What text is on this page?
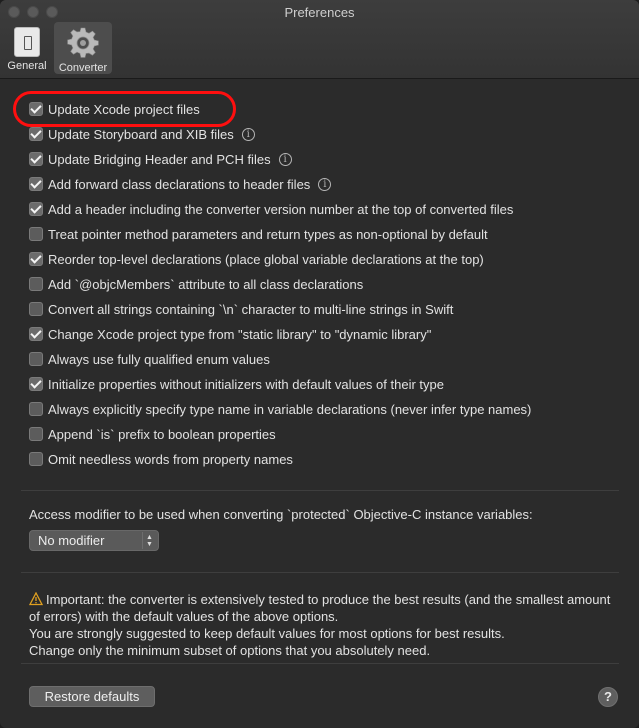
Preferences
General Converter
Update Xcode project files
Update Storyboard and XIB files	i
Update Bridging Header and PCH files	i
Add forward class declarations to header files	i
Add a header including the converter version number at the top of converted files
Treat pointer method parameters and return types as non-optional by default
Reorder top-level declarations (place global variable declarations at the top)
Add `@objcMembers` attribute to all class declarations
Convert all strings containing `\n` character to multi-line strings in Swift
Change Xcode project type from "static library" to "dynamic library"
Always use fully qualified enum values
Initialize properties without initializers with default values of their type
Always explicitly specify type name in variable declarations (never infer type names)
Append `is` prefix to boolean properties
Omit needless words from property names
Access modifier to be used when converting `protected` Objective-C instance variables:
No modifier	▲
▼
Important: the converter is extensively tested to produce the best results (and the smallest amount of errors) with the default values of the above options.
You are strongly suggested to keep default values for most options for best results.
Change only the minimum subset of options that you absolutely need.
Restore defaults	?
